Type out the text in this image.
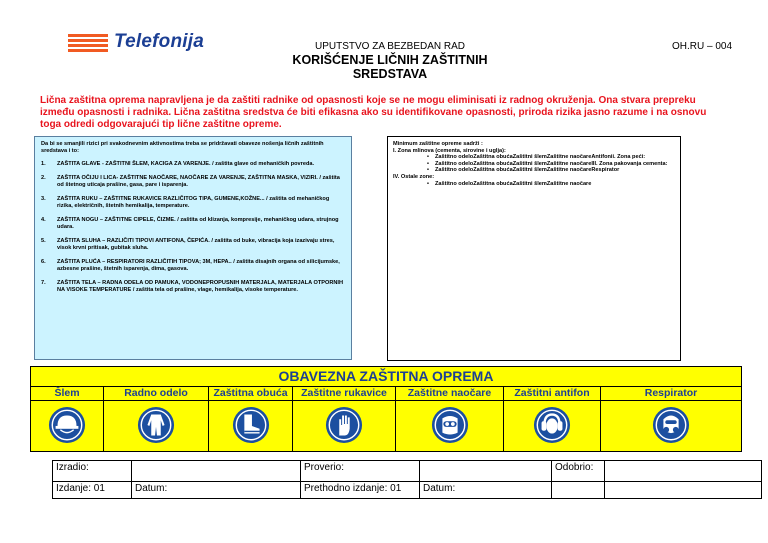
Telefonija	UPUTSTVO ZA BEZBEDAN RAD
KORIŠĆENJE LIČNIH ZAŠTITNIH SREDSTAVA
OH.RU – 004
Lična zaštitna oprema napravljena je da zaštiti radnike od opasnosti koje se ne mogu eliminisati iz radnog okruženja. Ona stvara prepreku između opasnosti i radnika. Lična zaštitna sredstva će biti efikasna ako su identifikovane opasnosti, priroda rizika jasno razume i na osnovu toga odredi odgovarajući tip lične zaštitne opreme.
Da bi se smanjili rizici pri svakodnevnim aktivnostima treba se pridržavati obaveze nošenja ličnih zaštitnih sredstava i to:
1.	ZAŠTITA GLAVE - ZAŠTITNI ŠLEM, KACIGA ZA VARENJE. / zaštita glave od mehaničkih povreda.
2.	ZAŠTITA OČIJU I LICA- ZAŠTITNE NAOČARE, NAOČARE ZA VARENJE, ZAŠTITNA MASKA, VIZIRI. / zaštita od štetnog uticaja prašine, gasa, pare i isparenja.
3.	ZAŠTITA RUKU – ZAŠTITNE RUKAVICE RAZLIČITOG TIPA, GUMENE,KOŽNE... / zaštita od mehaničkog rizika, električnih, štetnih hemikalija, temperature.
4.	ZAŠTITA NOGU – ZAŠTITNE CIPELE, ČIZME. / zaštita od klizanja, kompresije, mehaničkog udara, strujnog udara.
5.	ZAŠTITA SLUHA – RAZLIČITI TIPOVI ANTIFONA, ČEPIĆA. / zaštita od buke, vibracija koja izazivaju stres, visok krvni pritisak, gubitak sluha.
6.	ZAŠTITA PLUĆA – RESPIRATORI RAZLIČITIH TIPOVA; 3M, HEPA.. / zaštita disajnih organa od silicijumske, azbesne prašine, štetnih isparenja, dima, gasova.
7.	ZAŠTITA TELA – RADNA ODELA OD PAMUKA, VODONEPROPUSNIH MATERJALA, MATERJALA OTPORNIH NA VISOKE TEMPERATURE / zaštita tela od prašine, vlage, hemikalija, visoke temperature.
Minimum zaštitne opreme sadrži :
I. Zona mlinova (cementa, sirovine i uglja):
•	Zaštitno odeloZaštitna obućaZaštitni šlemZaštitne naočareAntifonii. Zona peći:
•	Zaštitno odeloZaštitna obućaZaštitni šlemZaštitne naočareIII. Zona pakovanja cementa:
•	Zaštitno odeloZaštitna obućaZaštitni šlemZaštitne naočareRespirator
IV. Ostale zone:
•	Zaštitno odeloZaštitna obućaZaštitni šlemZaštitne naočare
OBAVEZNA ZAŠTITNA OPREMA
Šlem	Radno odelo	Zaštitna obuća	Zaštitne rukavice	Zaštitne naočare	Zaštitni antifon	Respirator
Izradio:		Proverio:		Odobrio:	
Izdanje: 01	Datum:	Prethodno izdanje: 01	Datum:		
